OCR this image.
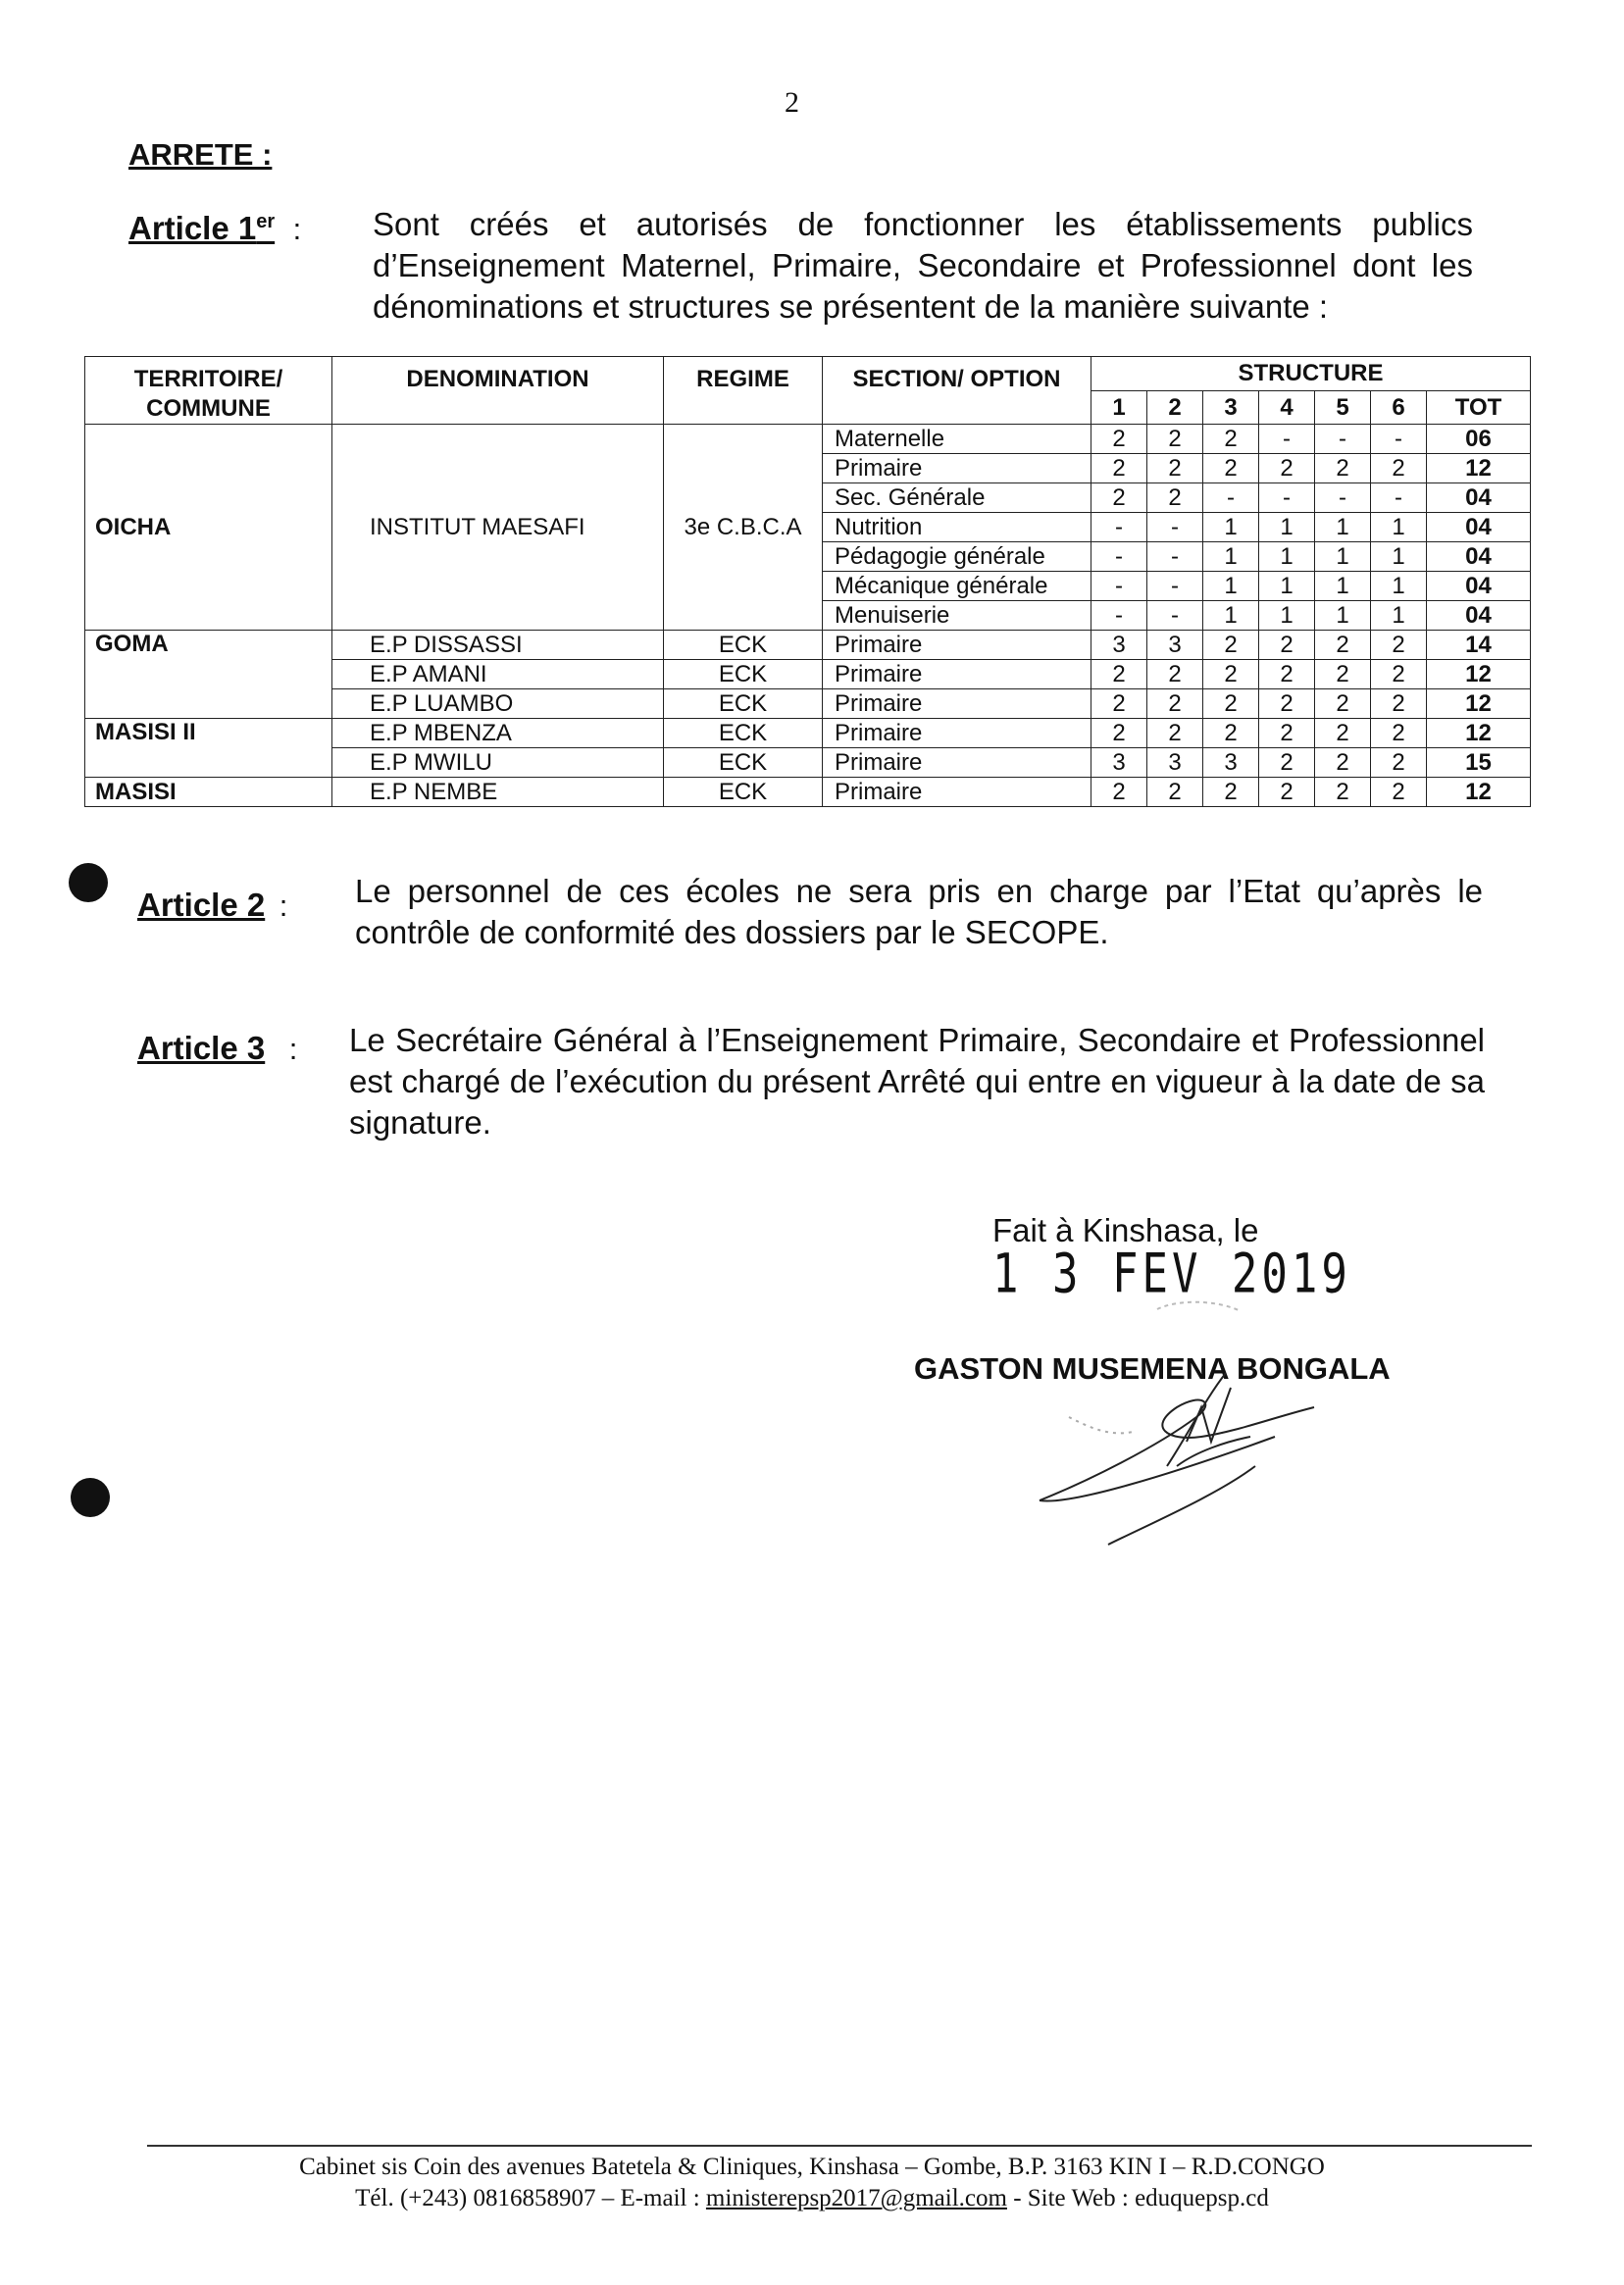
2
ARRETE :
Article 1er : Sont créés et autorisés de fonctionner les établissements publics d’Enseignement Maternel, Primaire, Secondaire et Professionnel dont les dénominations et structures se présentent de la manière suivante :
TERRITOIRE/ COMMUNE	DENOMINATION	REGIME	SECTION/ OPTION	STRUCTURE						
				1	2	3	4	5	6	TOT
OICHA	INSTITUT MAESAFI	3e C.B.C.A	Maternelle	2	2	2	-	-	-	06
			Primaire	2	2	2	2	2	2	12
			Sec. Générale	2	2	-	-	-	-	04
			Nutrition	-	-	1	1	1	1	04
			Pédagogie générale	-	-	1	1	1	1	04
			Mécanique générale	-	-	1	1	1	1	04
			Menuiserie	-	-	1	1	1	1	04
GOMA	E.P DISSASSI	ECK	Primaire	3	3	2	2	2	2	14
	E.P AMANI	ECK	Primaire	2	2	2	2	2	2	12
	E.P LUAMBO	ECK	Primaire	2	2	2	2	2	2	12
MASISI II	E.P MBENZA	ECK	Primaire	2	2	2	2	2	2	12
	E.P MWILU	ECK	Primaire	3	3	3	2	2	2	15
MASISI	E.P NEMBE	ECK	Primaire	2	2	2	2	2	2	12
Article 2 : Le personnel de ces écoles ne sera pris en charge par l’Etat qu’après le contrôle de conformité des dossiers par le SECOPE.
Article 3 : Le Secrétaire Général à l’Enseignement Primaire, Secondaire et Professionnel est chargé de l’exécution du présent Arrêté qui entre en vigueur à la date de sa signature.
Fait à Kinshasa, le 1 3 FEV 2019
GASTON MUSEMENA BONGALA
Cabinet sis Coin des avenues Batetela & Cliniques, Kinshasa – Gombe, B.P. 3163 KIN I – R.D.CONGO
Tél. (+243) 0816858907 – E-mail : ministerepsp2017@gmail.com - Site Web : eduquepsp.cd
